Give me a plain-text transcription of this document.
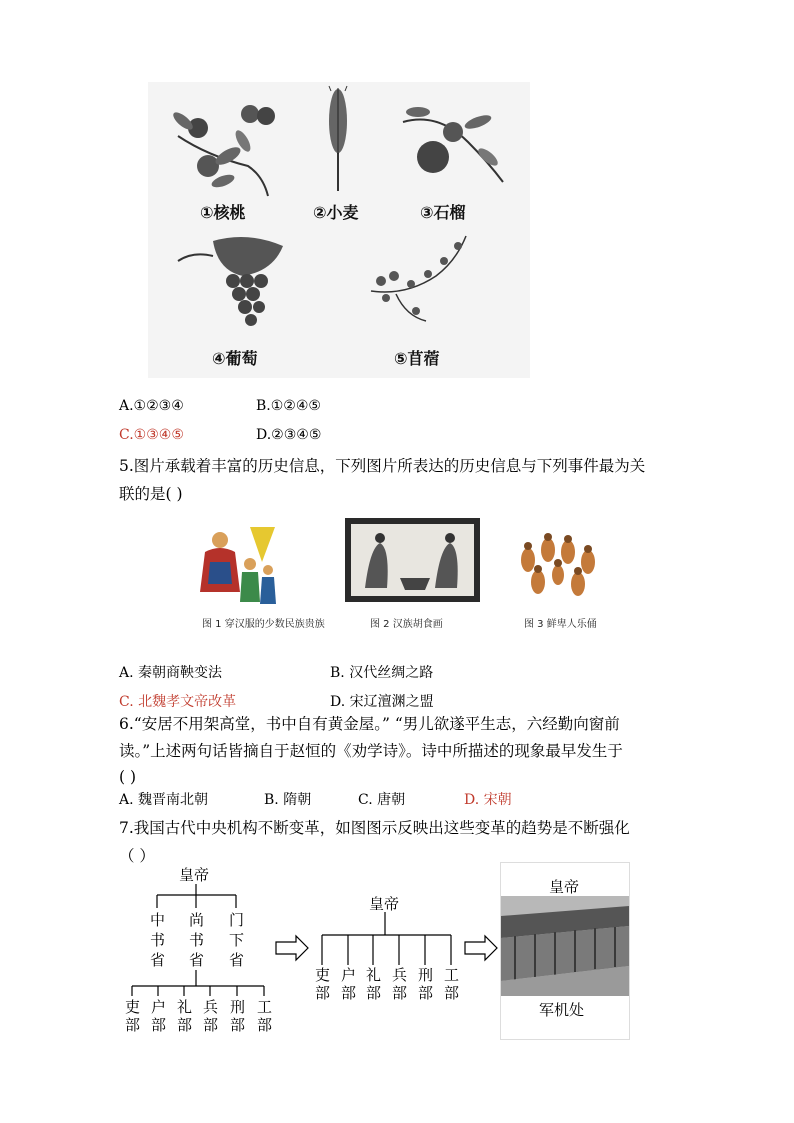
①核桃	②小麦	③石榴
④葡萄	⑤苜蓿
A.①②③④	B.①②④⑤
C.①③④⑤	D.②③④⑤
5.图片承载着丰富的历史信息，下列图片所表达的历史信息与下列事件最为关
联的是( )
图 1 穿汉服的少数民族贵族	图 2 汉族胡食画	图 3 鲜卑人乐俑
A. 秦朝商鞅变法	B. 汉代丝绸之路
C. 北魏孝文帝改革	D. 宋辽澶渊之盟
6.“安居不用架高堂，书中自有黄金屋。” “男儿欲遂平生志，六经勤向窗前
读。”上述两句话皆摘自于赵恒的《劝学诗》。诗中所描述的现象最早发生于
( )
A. 魏晋南北朝	B. 隋朝	C. 唐朝	D. 宋朝
7.我国古代中央机构不断变革，如图图示反映出这些变革的趋势是不断强化
（ ）
皇帝
中书省
尚书省
门下省
吏部
户部
礼部
兵部
刑部
工部
皇帝
吏部
户部
礼部
兵部
刑部
工部
皇帝
军机处
